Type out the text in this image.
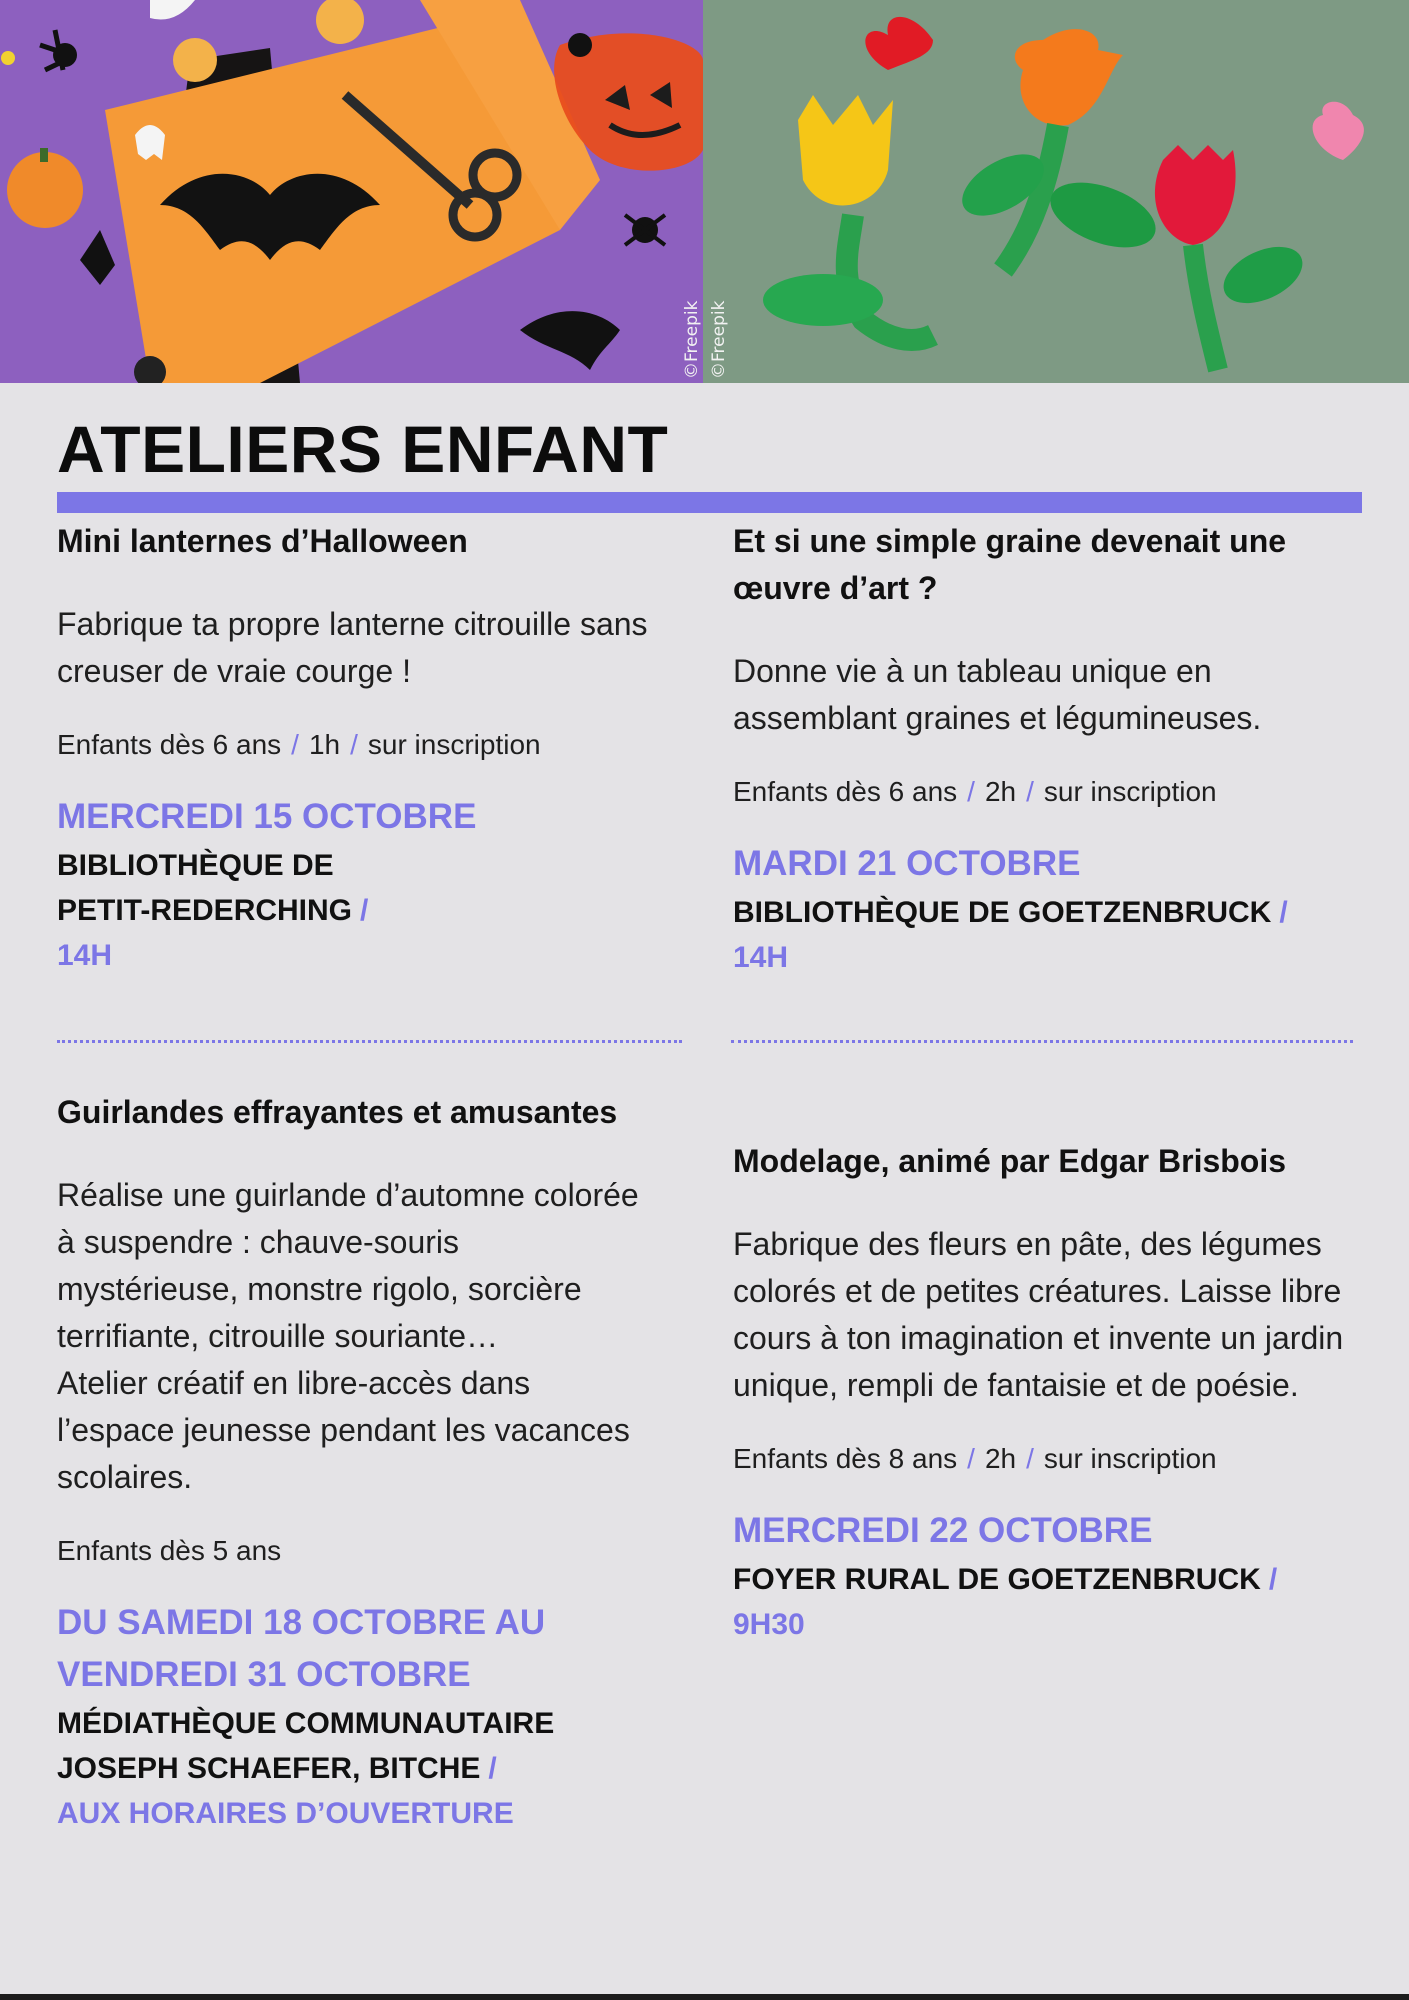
©Freepik ©Freepik
ATELIERS ENFANT
Mini lanternes d’Halloween

Fabrique ta propre lanterne citrouille sans creuser de vraie courge !

Enfants dès 6 ans / 1h / sur inscription

MERCREDI 15 OCTOBRE

BIBLIOTHÈQUE DE PETIT-REDERCHING /

14H

Et si une simple graine devenait une œuvre d’art ?

Donne vie à un tableau unique en assemblant graines et légumineuses.

Enfants dès 6 ans / 2h / sur inscription

MARDI 21 OCTOBRE

BIBLIOTHÈQUE DE GOETZENBRUCK /

14H

Guirlandes effrayantes et amusantes

Réalise une guirlande d’automne colorée à suspendre : chauve-souris mystérieuse, monstre rigolo, sorcière terrifiante, citrouille souriante…
Atelier créatif en libre-accès dans l’espace jeunesse pendant les vacances scolaires.

Enfants dès 5 ans

DU SAMEDI 18 OCTOBRE AU VENDREDI 31 OCTOBRE

MÉDIATHÈQUE COMMUNAUTAIRE JOSEPH SCHAEFER, BITCHE /

AUX HORAIRES D’OUVERTURE

Modelage, animé par Edgar Brisbois

Fabrique des fleurs en pâte, des légumes colorés et de petites créatures. Laisse libre cours à ton imagination et invente un jardin unique, rempli de fantaisie et de poésie.

Enfants dès 8 ans / 2h / sur inscription

MERCREDI 22 OCTOBRE

FOYER RURAL DE GOETZENBRUCK /

9H30
